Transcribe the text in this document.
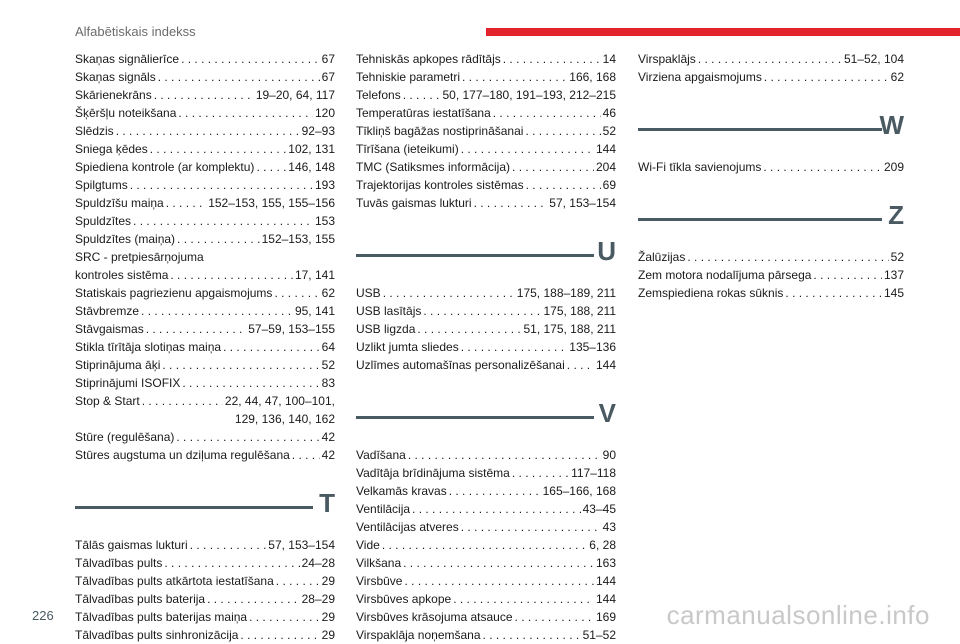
Alfabētiskais indekss
Skaņas signālierīce . . .	67
Skaņas signāls . . .	67
Skārienekrāns . . .	19–20, 64, 117
Šķēršļu noteikšana . . .	120
Slēdzis . . .	92–93
Sniega ķēdes . . .	102, 131
Spiediena kontrole (ar komplektu) . . .	146, 148
Spilgtums . . .	193
Spuldzīšu maiņa . . .	152–153, 155, 155–156
Spuldzītes . . .	153
Spuldzītes (maiņa) . . .	152–153, 155
SRC - pretpiesārņojuma
kontroles sistēma . . .	17, 141
Statiskais pagriezienu apgaismojums . . .	62
Stāvbremze . . .	95, 141
Stāvgaismas . . .	57–59, 153–155
Stikla tīrītāja slotiņas maiņa . . .	64
Stiprinājuma āķi . . .	52
Stiprinājumi ISOFIX . . .	83
Stop & Start . . .	22, 44, 47, 100–101,
129, 136, 140, 162
Stūre (regulēšana) . . .	42
Stūres augstuma un dziļuma regulēšana . . .	42
T
Tālās gaismas lukturi . . .	57, 153–154
Tālvadības pults . . .	24–28
Tālvadības pults atkārtota iestatīšana . . .	29
Tālvadības pults baterija . . .	28–29
Tālvadības pults baterijas maiņa . . .	29
Tālvadības pults sinhronizācija . . .	29
Tehniskās apkopes rādītājs . . .	14
Tehniskie parametri . . .	166, 168
Telefons . . .	50, 177–180, 191–193, 212–215
Temperatūras iestatīšana . . .	46
Tīkliņš bagāžas nostiprināšanai . . .	52
Tīrīšana (ieteikumi) . . .	144
TMC (Satiksmes informācija) . . .	204
Trajektorijas kontroles sistēmas . . .	69
Tuvās gaismas lukturi . . .	57, 153–154
U
USB . . .	175, 188–189, 211
USB lasītājs . . .	175, 188, 211
USB ligzda . . .	51, 175, 188, 211
Uzlikt jumta sliedes . . .	135–136
Uzlīmes automašīnas personalizēšanai . . .	144
V
Vadīšana . . .	90
Vadītāja brīdinājuma sistēma . . .	117–118
Velkamās kravas . . .	165–166, 168
Ventilācija . . .	43–45
Ventilācijas atveres . . .	43
Vide . . .	6, 28
Vilkšana . . .	163
Virsbūve . . .	144
Virsbūves apkope . . .	144
Virsbūves krāsojuma atsauce . . .	169
Virspaklāja noņemšana . . .	51–52
Virspaklājs . . .	51–52, 104
Virziena apgaismojums . . .	62
W
Wi-Fi tīkla savienojums . . .	209
Z
Žalūzijas . . .	52
Zem motora nodalījuma pārsega . . .	137
Zemspiediena rokas sūknis . . .	145
226	carmanualsonline.info
